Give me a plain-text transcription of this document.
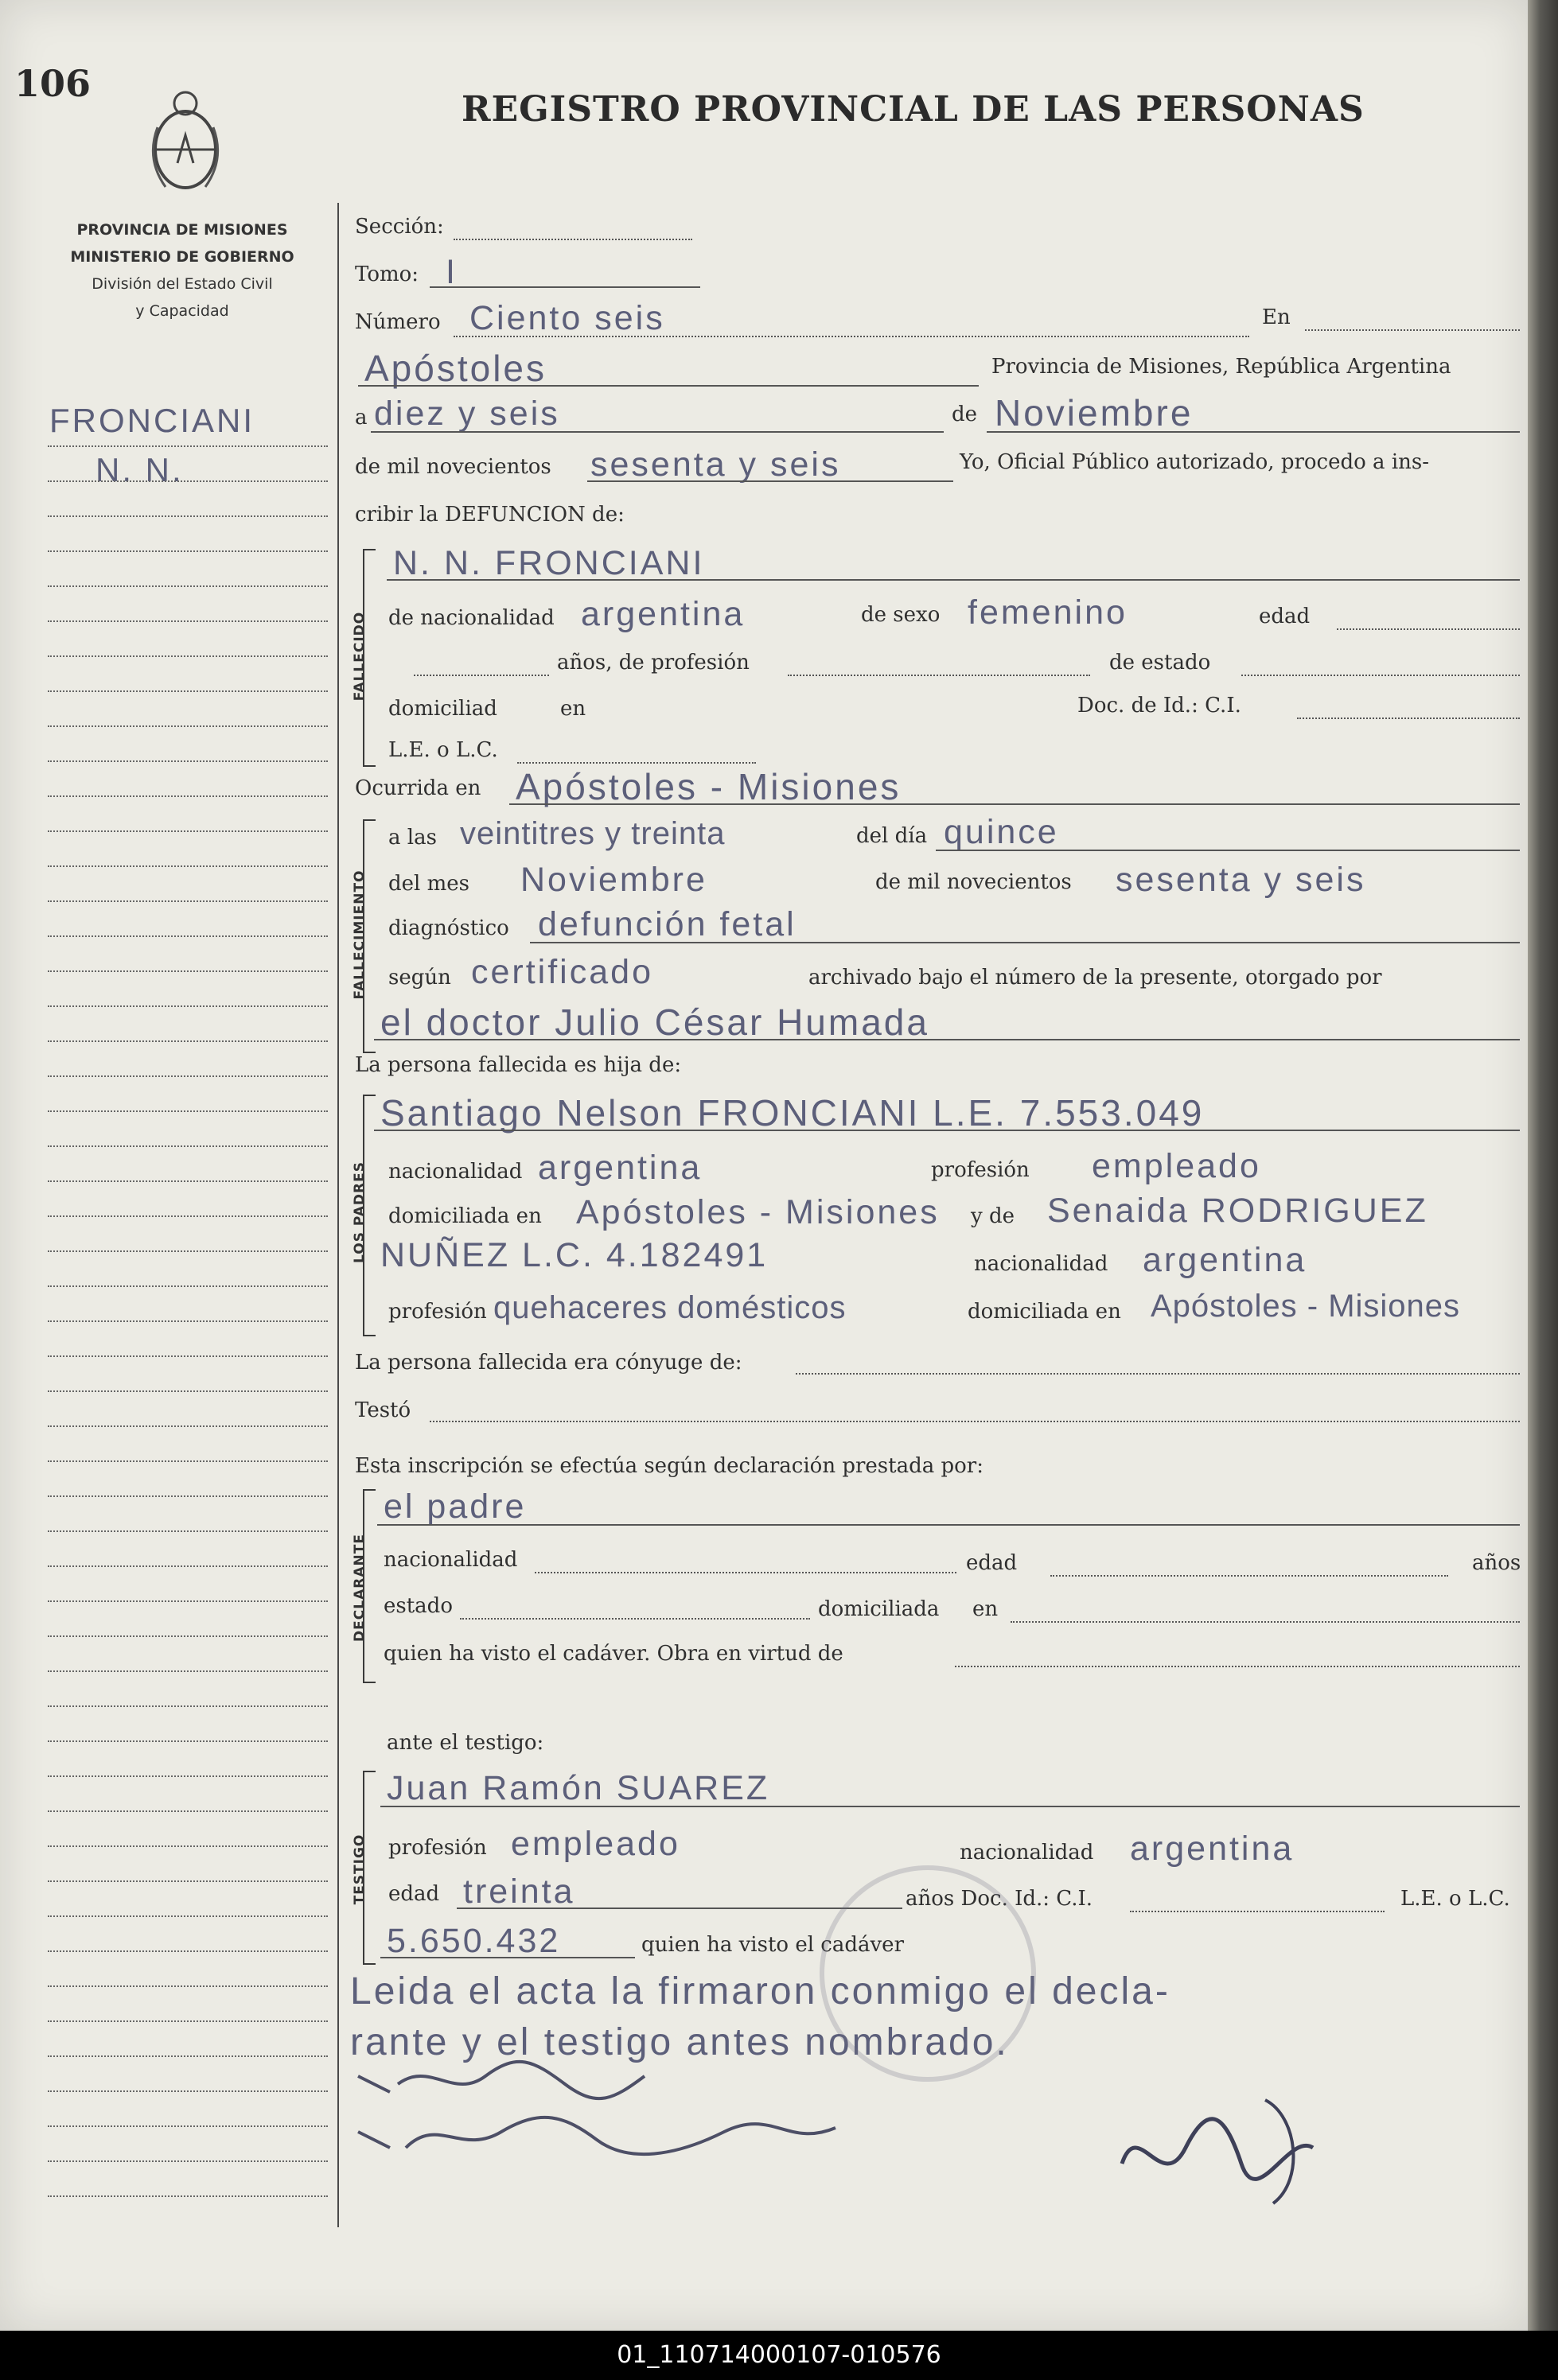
106
REGISTRO PROVINCIAL DE LAS PERSONAS
PROVINCIA DE MISIONES
MINISTERIO DE GOBIERNO
División del Estado Civil
y Capacidad
FRONCIANI
N. N.
Sección:
Tomo: I
Número Ciento seis	En
Apóstoles	Provincia de Misiones, República Argentina
a diez y seis	de Noviembre
de mil novecientos sesenta y seis	Yo, Oficial Público autorizado, procedo a ins-
cribir la DEFUNCION de:
FALLECIDO
N. N. FRONCIANI
de nacionalidad argentina	de sexo femenino	edad
años, de profesión	de estado
domiciliad	en	Doc. de Id.: C.I.
L.E. o L.C.
Ocurrida en Apóstoles - Misiones
FALLECIMIENTO
a las veintitres y treinta	del día quince
del mes Noviembre	de mil novecientos sesenta y seis
diagnóstico defunción fetal
según certificado	archivado bajo el número de la presente, otorgado por
el doctor Julio César Humada
La persona fallecida es hija de:
LOS PADRES
Santiago Nelson FRONCIANI L.E. 7.553.049
nacionalidad argentina	profesión empleado
domiciliada en Apóstoles - Misiones y de Senaida RODRIGUEZ
NUÑEZ L.C. 4.182491	nacionalidad argentina
profesión quehaceres domésticos	domiciliada en Apóstoles - Misiones
La persona fallecida era cónyuge de:
Testó
Esta inscripción se efectúa según declaración prestada por:
DECLARANTE
el padre
nacionalidad	edad	años
estado	domiciliada en
quien ha visto el cadáver. Obra en virtud de
ante el testigo:
TESTIGO
Juan Ramón SUAREZ
profesión empleado	nacionalidad argentina
edad treinta	años Doc. Id.: C.I.	L.E. o L.C.
5.650.432	quien ha visto el cadáver
Leida el acta la firmaron conmigo el decla-
rante y el testigo antes nombrado.
01_110714000107-010576
